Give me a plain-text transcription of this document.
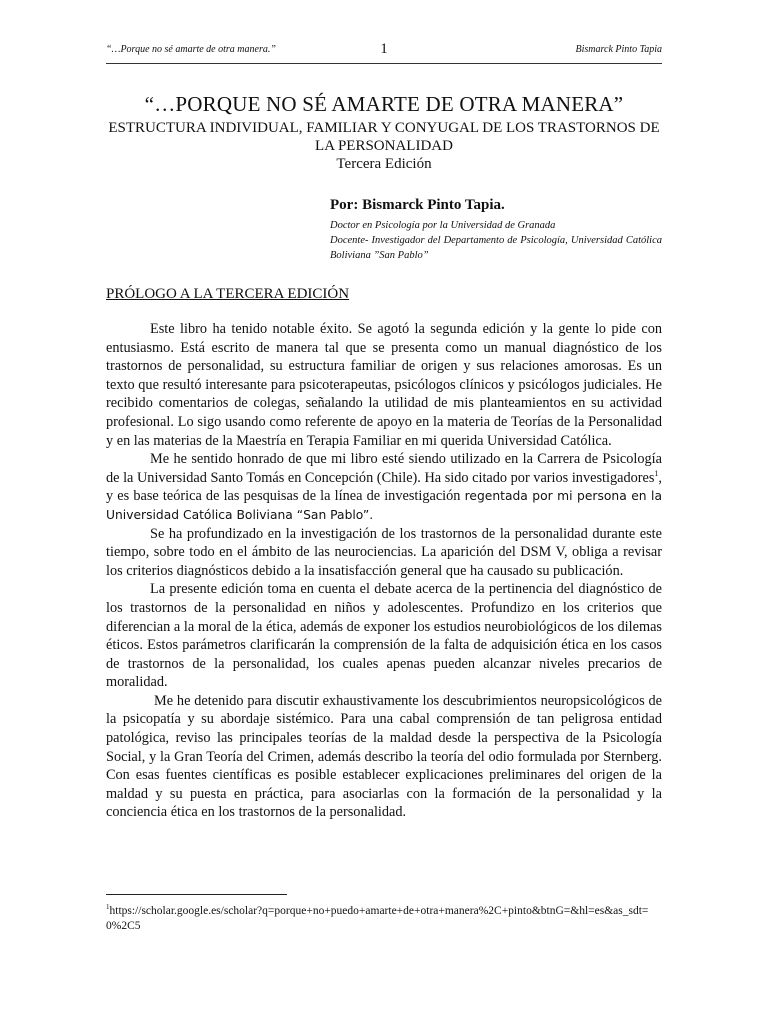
“…Porque no sé amarte de otra manera.”	1	Bismarck Pinto Tapia
“…PORQUE NO SÉ AMARTE DE OTRA MANERA”
ESTRUCTURA INDIVIDUAL, FAMILIAR Y CONYUGAL DE LOS TRASTORNOS DE LA PERSONALIDAD
Tercera Edición
Por: Bismarck Pinto Tapia.
Doctor en Psicología por la Universidad de Granada
Docente- Investigador del Departamento de Psicología, Universidad Católica Boliviana ”San Pablo”
PRÓLOGO A LA TERCERA EDICIÓN

Este libro ha tenido notable éxito. Se agotó la segunda edición y la gente lo pide con entusiasmo. Está escrito de manera tal que se presenta como un manual diagnóstico de los trastornos de personalidad, su estructura familiar de origen y sus relaciones amorosas. Es un texto que resultó interesante para psicoterapeutas, psicólogos clínicos y psicólogos judiciales. He recibido comentarios de colegas, señalando la utilidad de mis planteamientos en su actividad profesional. Lo sigo usando como referente de apoyo en la materia de Teorías de la Personalidad y en las materias de la Maestría en Terapia Familiar en mi querida Universidad Católica.

Me he sentido honrado de que mi libro esté siendo utilizado en la Carrera de Psicología de la Universidad Santo Tomás en Concepción (Chile). Ha sido citado por varios investigadores$^1$, y es base teórica de las pesquisas de la línea de investigación regentada por mi persona en la Universidad Católica Boliviana “San Pablo”.

Se ha profundizado en la investigación de los trastornos de la personalidad durante este tiempo, sobre todo en el ámbito de las neurociencias. La aparición del DSM V, obliga a revisar los criterios diagnósticos debido a la insatisfacción general que ha causado su publicación.

La presente edición toma en cuenta el debate acerca de la pertinencia del diagnóstico de los trastornos de la personalidad en niños y adolescentes. Profundizo en los criterios que diferencian a la moral de la ética, además de exponer los estudios neurobiológicos de los dilemas éticos. Estos parámetros clarificarán la comprensión de la falta de adquisición ética en los casos de trastornos de la personalidad, los cuales apenas pueden alcanzar niveles precarios de moralidad.

Me he detenido para discutir exhaustivamente los descubrimientos neuropsicológicos de la psicopatía y su abordaje sistémico. Para una cabal comprensión de tan peligrosa entidad patológica, reviso las principales teorías de la maldad desde la perspectiva de la Psicología Social, y la Gran Teoría del Crimen, además describo la teoría del odio formulada por Sternberg. Con esas fuentes científicas es posible establecer explicaciones preliminares del origen de la maldad y su puesta en práctica, para asociarlas con la formación de la personalidad y la conciencia ética en los trastornos de la personalidad.

$^1$https://scholar.google.es/scholar?q=porque+no+puedo+amarte+de+otra+manera%2C+pinto&btnG=&hl=es&as_sdt=0%2C5
